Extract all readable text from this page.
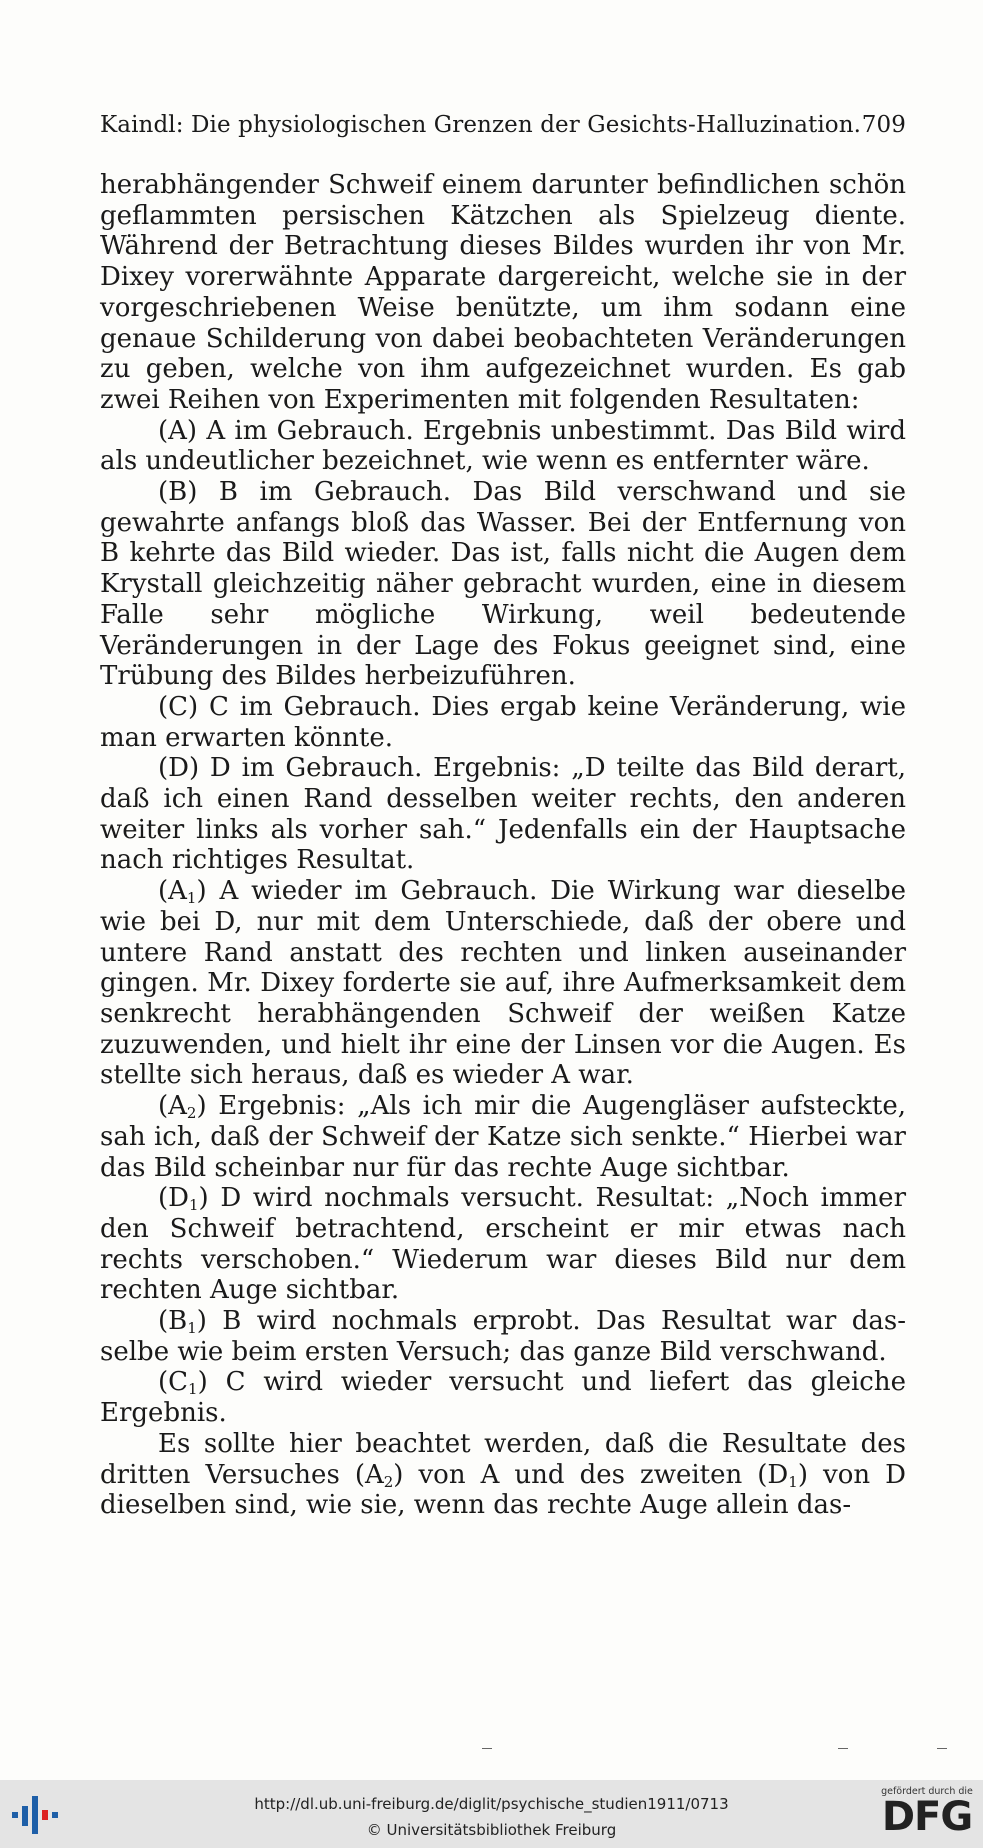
Kaindl: Die physiologischen Grenzen der Gesichts-Halluzination. 709

herabhängender Schweif einem darunter befindlichen schön geflammten persischen Kätzchen als Spielzeug diente. Während der Betrachtung dieses Bildes wurden ihr von Mr. Dixey vorerwähnte Apparate dargereicht, welche sie in der vorgeschriebenen Weise benützte, um ihm sodann eine genaue Schilderung von dabei beobachteten Veränderungen zu geben, welche von ihm aufgezeichnet wurden. Es gab zwei Reihen von Experimenten mit folgenden Resultaten:

(A) A im Gebrauch. Ergebnis unbestimmt. Das Bild wird als undeutlicher bezeichnet, wie wenn es entfernter wäre.

(B) B im Gebrauch. Das Bild verschwand und sie gewahrte anfangs bloß das Wasser. Bei der Entfernung von B kehrte das Bild wieder. Das ist, falls nicht die Augen dem Krystall gleichzeitig näher gebracht wurden, eine in diesem Falle sehr mögliche Wirkung, weil bedeutende Veränderungen in der Lage des Fokus geeignet sind, eine Trübung des Bildes herbeizuführen.

(C) C im Gebrauch. Dies ergab keine Veränderung, wie man erwarten könnte.

(D) D im Gebrauch. Ergebnis: „D teilte das Bild derart, daß ich einen Rand desselben weiter rechts, den anderen weiter links als vorher sah.“ Jedenfalls ein der Hauptsache nach richtiges Resultat.

$(A_1)$ A wieder im Gebrauch. Die Wirkung war dieselbe wie bei D, nur mit dem Unterschiede, daß der obere und untere Rand anstatt des rechten und linken auseinander gingen. Mr. Dixey forderte sie auf, ihre Aufmerksamkeit dem senkrecht herabhängenden Schweif der weißen Katze zuzuwenden, und hielt ihr eine der Linsen vor die Augen. Es stellte sich heraus, daß es wieder A war.

$(A_2)$ Ergebnis: „Als ich mir die Augengläser aufsteckte, sah ich, daß der Schweif der Katze sich senkte.“ Hierbei war das Bild scheinbar nur für das rechte Auge sichtbar.

$(D_1)$ D wird nochmals versucht. Resultat: „Noch immer den Schweif betrachtend, erscheint er mir etwas nach rechts verschoben.“ Wiederum war dieses Bild nur dem rechten Auge sichtbar.

$(B_1)$ B wird nochmals erprobt. Das Resultat war dasselbe wie beim ersten Versuch; das ganze Bild verschwand.

$(C_1)$ C wird wieder versucht und liefert das gleiche Ergebnis.

Es sollte hier beachtet werden, daß die Resultate des dritten Versuches $(A_2)$ von A und des zweiten $(D_1)$ von D dieselben sind, wie sie, wenn das rechte Auge allein das-

http://dl.ub.uni-freiburg.de/diglit/psychische_studien1911/0713
© Universitätsbibliothek Freiburg
gefördert durch die
DFG
